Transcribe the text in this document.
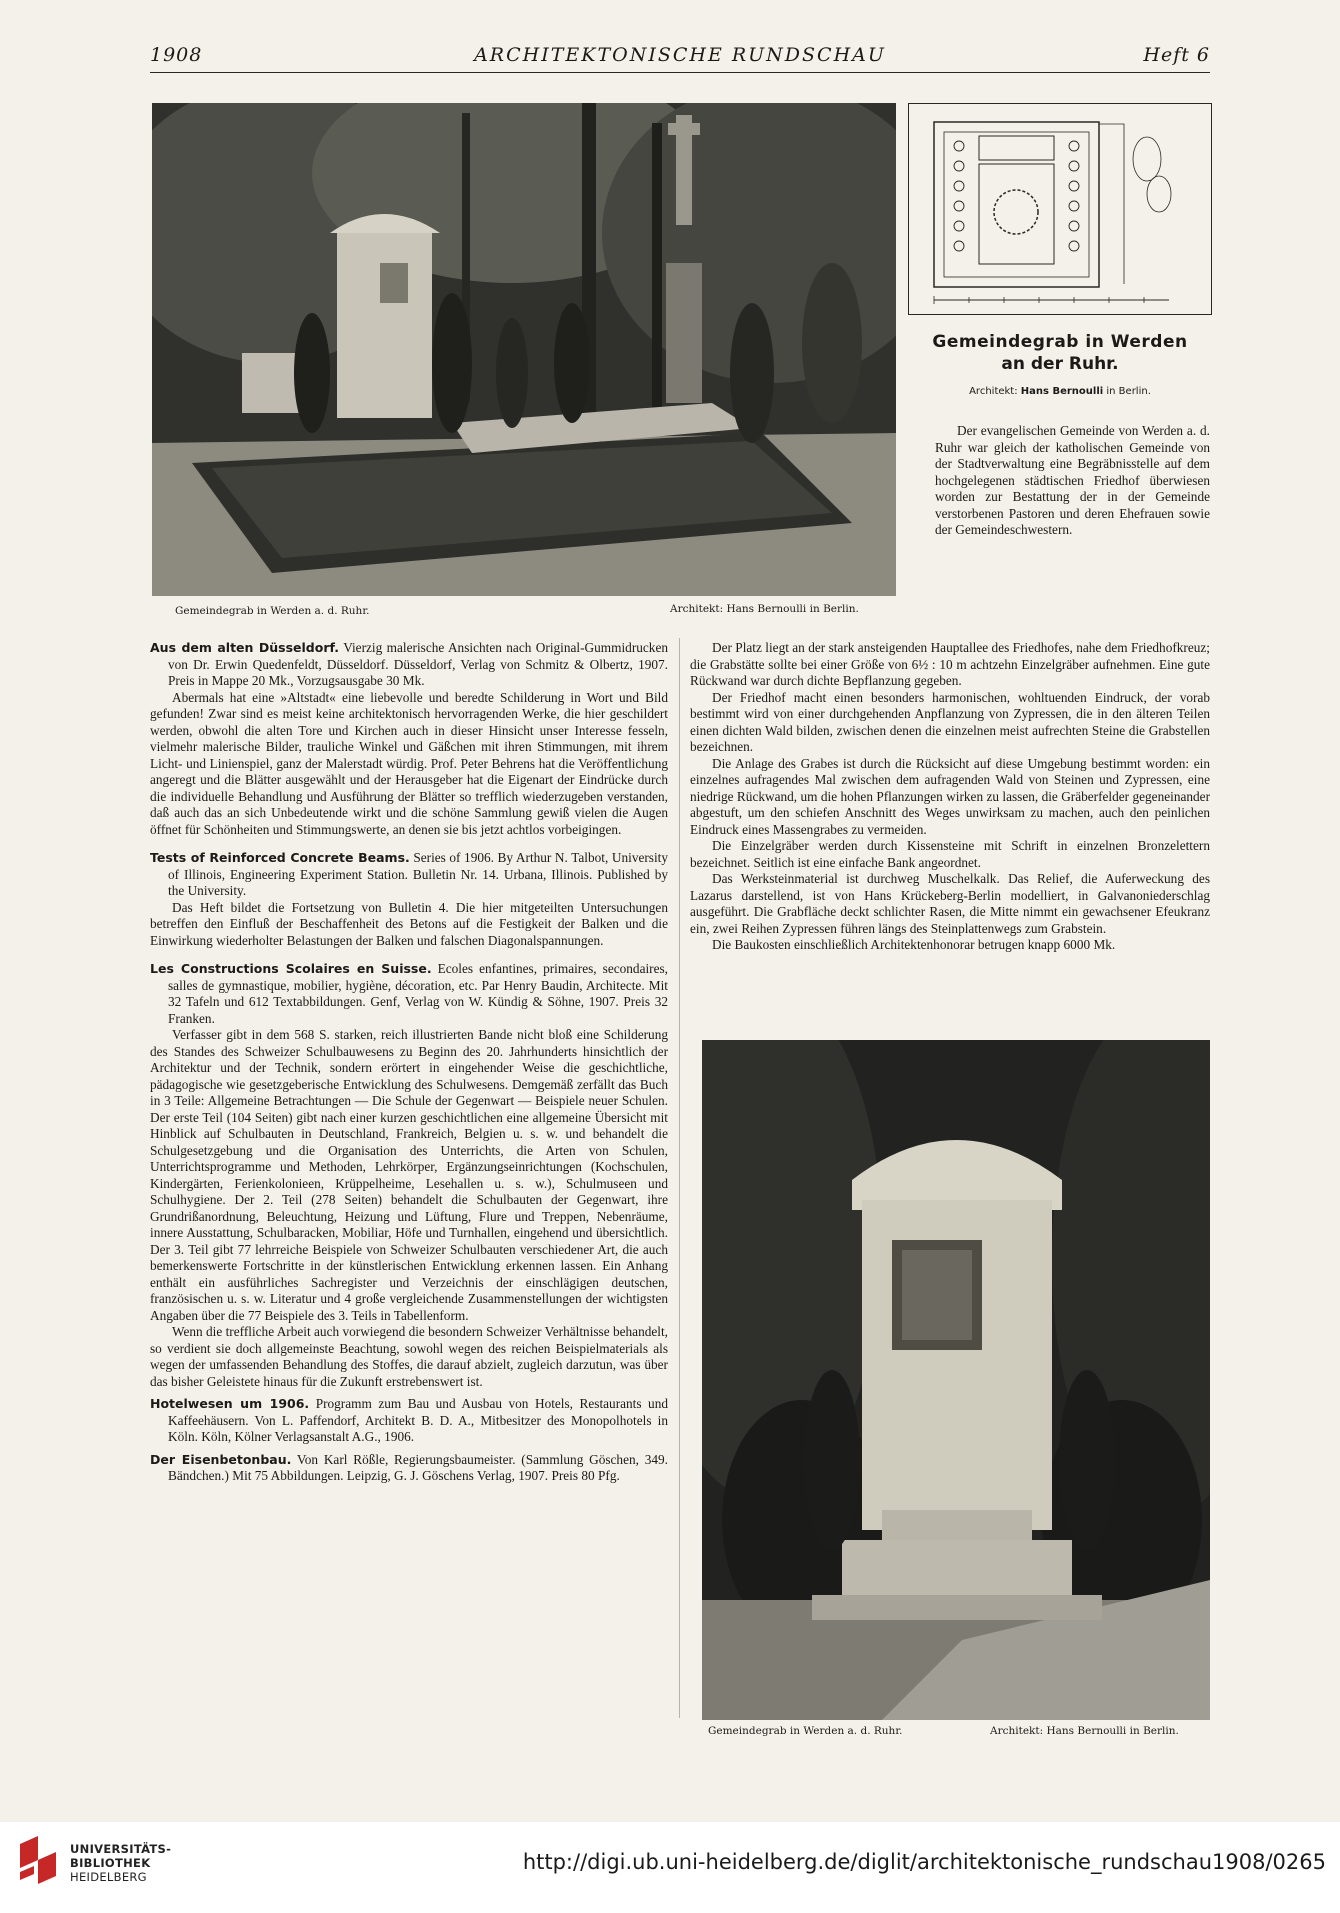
1908	ARCHITEKTONISCHE RUNDSCHAU	Heft 6
Gemeindegrab in Werden a. d. Ruhr.	Architekt: Hans Bernoulli in Berlin.
Gemeindegrab in Werden
an der Ruhr.
Architekt: Hans Bernoulli in Berlin.

Der evangelischen Gemeinde von Werden a. d. Ruhr war gleich der katholischen Gemeinde von der Stadtverwaltung eine Begräbnisstelle auf dem hochgelegenen städtischen Friedhof überwiesen worden zur Bestattung der in der Gemeinde verstorbenen Pastoren und deren Ehefrauen sowie der Gemeindeschwestern.

Der Platz liegt an der stark ansteigenden Hauptallee des Friedhofes, nahe dem Friedhofkreuz; die Grabstätte sollte bei einer Größe von 6½ : 10 m achtzehn Einzelgräber aufnehmen. Eine gute Rückwand war durch dichte Bepflanzung gegeben.

Der Friedhof macht einen besonders harmonischen, wohltuenden Eindruck, der vorab bestimmt wird von einer durchgehenden Anpflanzung von Zypressen, die in den älteren Teilen einen dichten Wald bilden, zwischen denen die einzelnen meist aufrechten Steine die Grabstellen bezeichnen.

Die Anlage des Grabes ist durch die Rücksicht auf diese Umgebung bestimmt worden: ein einzelnes aufragendes Mal zwischen dem aufragenden Wald von Steinen und Zypressen, eine niedrige Rückwand, um die hohen Pflanzungen wirken zu lassen, die Gräberfelder gegeneinander abgestuft, um den schiefen Anschnitt des Weges unwirksam zu machen, auch den peinlichen Eindruck eines Massengrabes zu vermeiden.

Die Einzelgräber werden durch Kissensteine mit Schrift in einzelnen Bronzelettern bezeichnet. Seitlich ist eine einfache Bank angeordnet.

Das Werksteinmaterial ist durchweg Muschelkalk. Das Relief, die Auferweckung des Lazarus darstellend, ist von Hans Krückeberg-Berlin modelliert, in Galvanoniederschlag ausgeführt. Die Grabfläche deckt schlichter Rasen, die Mitte nimmt ein gewachsener Efeukranz ein, zwei Reihen Zypressen führen längs des Steinplattenwegs zum Grabstein.

Die Baukosten einschließlich Architektenhonorar betrugen knapp 6000 Mk.

Aus dem alten Düsseldorf. Vierzig malerische Ansichten nach Original-Gummidrucken von Dr. Erwin Quedenfeldt, Düsseldorf. Düsseldorf, Verlag von Schmitz & Olbertz, 1907. Preis in Mappe 20 Mk., Vorzugsausgabe 30 Mk.

Abermals hat eine »Altstadt« eine liebevolle und beredte Schilderung in Wort und Bild gefunden! Zwar sind es meist keine architektonisch hervorragenden Werke, die hier geschildert werden, obwohl die alten Tore und Kirchen auch in dieser Hinsicht unser Interesse fesseln, vielmehr malerische Bilder, trauliche Winkel und Gäßchen mit ihren Stimmungen, mit ihrem Licht- und Linienspiel, ganz der Malerstadt würdig. Prof. Peter Behrens hat die Veröffentlichung angeregt und die Blätter ausgewählt und der Herausgeber hat die Eigenart der Eindrücke durch die individuelle Behandlung und Ausführung der Blätter so trefflich wiederzugeben verstanden, daß auch das an sich Unbedeutende wirkt und die schöne Sammlung gewiß vielen die Augen öffnet für Schönheiten und Stimmungswerte, an denen sie bis jetzt achtlos vorbeigingen.

Tests of Reinforced Concrete Beams. Series of 1906. By Arthur N. Talbot, University of Illinois, Engineering Experiment Station. Bulletin Nr. 14. Urbana, Illinois. Published by the University.

Das Heft bildet die Fortsetzung von Bulletin 4. Die hier mitgeteilten Untersuchungen betreffen den Einfluß der Beschaffenheit des Betons auf die Festigkeit der Balken und die Einwirkung wiederholter Belastungen der Balken und falschen Diagonalspannungen.

Les Constructions Scolaires en Suisse. Ecoles enfantines, primaires, secondaires, salles de gymnastique, mobilier, hygiène, décoration, etc. Par Henry Baudin, Architecte. Mit 32 Tafeln und 612 Textabbildungen. Genf, Verlag von W. Kündig & Söhne, 1907. Preis 32 Franken.

Verfasser gibt in dem 568 S. starken, reich illustrierten Bande nicht bloß eine Schilderung des Standes des Schweizer Schulbauwesens zu Beginn des 20. Jahrhunderts hinsichtlich der Architektur und der Technik, sondern erörtert in eingehender Weise die geschichtliche, pädagogische wie gesetzgeberische Entwicklung des Schulwesens. Demgemäß zerfällt das Buch in 3 Teile: Allgemeine Betrachtungen — Die Schule der Gegenwart — Beispiele neuer Schulen. Der erste Teil (104 Seiten) gibt nach einer kurzen geschichtlichen eine allgemeine Übersicht mit Hinblick auf Schulbauten in Deutschland, Frankreich, Belgien u. s. w. und behandelt die Schulgesetzgebung und die Organisation des Unterrichts, die Arten von Schulen, Unterrichtsprogramme und Methoden, Lehrkörper, Ergänzungseinrichtungen (Kochschulen, Kindergärten, Ferienkolonieen, Krüppelheime, Lesehallen u. s. w.), Schulmuseen und Schulhygiene. Der 2. Teil (278 Seiten) behandelt die Schulbauten der Gegenwart, ihre Grundrißanordnung, Beleuchtung, Heizung und Lüftung, Flure und Treppen, Nebenräume, innere Ausstattung, Schulbaracken, Mobiliar, Höfe und Turnhallen, eingehend und übersichtlich. Der 3. Teil gibt 77 lehrreiche Beispiele von Schweizer Schulbauten verschiedener Art, die auch bemerkenswerte Fortschritte in der künstlerischen Entwicklung erkennen lassen. Ein Anhang enthält ein ausführliches Sachregister und Verzeichnis der einschlägigen deutschen, französischen u. s. w. Literatur und 4 große vergleichende Zusammenstellungen der wichtigsten Angaben über die 77 Beispiele des 3. Teils in Tabellenform.

Wenn die treffliche Arbeit auch vorwiegend die besondern Schweizer Verhältnisse behandelt, so verdient sie doch allgemeinste Beachtung, sowohl wegen des reichen Beispielmaterials als wegen der umfassenden Behandlung des Stoffes, die darauf abzielt, zugleich darzutun, was über das bisher Geleistete hinaus für die Zukunft erstrebenswert ist.

Hotelwesen um 1906. Programm zum Bau und Ausbau von Hotels, Restaurants und Kaffeehäusern. Von L. Paffendorf, Architekt B. D. A., Mitbesitzer des Monopolhotels in Köln. Köln, Kölner Verlagsanstalt A.G., 1906.

Der Eisenbetonbau. Von Karl Rößle, Regierungsbaumeister. (Sammlung Göschen, 349. Bändchen.) Mit 75 Abbildungen. Leipzig, G. J. Göschens Verlag, 1907. Preis 80 Pfg.

Gemeindegrab in Werden a. d. Ruhr.	Architekt: Hans Bernoulli in Berlin.
UNIVERSITÄTS-
BIBLIOTHEK
HEIDELBERG
http://digi.ub.uni-heidelberg.de/diglit/architektonische_rundschau1908/0265
